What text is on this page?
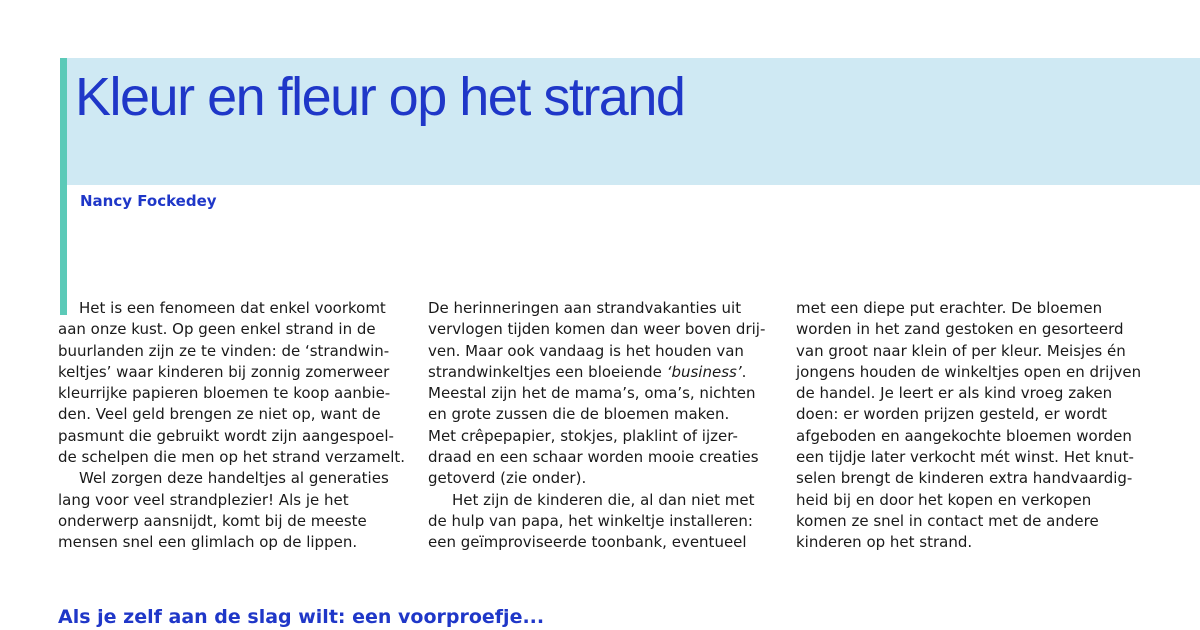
Kleur en fleur op het strand
Nancy Fockedey

Het is een fenomeen dat enkel voorkomt
aan onze kust. Op geen enkel strand in de
buurlanden zijn ze te vinden: de ‘strandwin-
keltjes’ waar kinderen bij zonnig zomerweer
kleurrijke papieren bloemen te koop aanbie-
den. Veel geld brengen ze niet op, want de
pasmunt die gebruikt wordt zijn aangespoel-
de schelpen die men op het strand verzamelt.

Wel zorgen deze handeltjes al generaties
lang voor veel strandplezier! Als je het
onderwerp aansnijdt, komt bij de meeste
mensen snel een glimlach op de lippen.

De herinneringen aan strandvakanties uit
vervlogen tijden komen dan weer boven drij-
ven. Maar ook vandaag is het houden van
strandwinkeltjes een bloeiende ‘business’.
Meestal zijn het de mama’s, oma’s, nichten
en grote zussen die de bloemen maken.
Met crêpepapier, stokjes, plaklint of ijzer-
draad en een schaar worden mooie creaties
getoverd (zie onder).

Het zijn de kinderen die, al dan niet met
de hulp van papa, het winkeltje installeren:
een geïmproviseerde toonbank, eventueel

met een diepe put erachter. De bloemen
worden in het zand gestoken en gesorteerd
van groot naar klein of per kleur. Meisjes én
jongens houden de winkeltjes open en drijven
de handel. Je leert er als kind vroeg zaken
doen: er worden prijzen gesteld, er wordt
afgeboden en aangekochte bloemen worden
een tijdje later verkocht mét winst. Het knut-
selen brengt de kinderen extra handvaardig-
heid bij en door het kopen en verkopen
komen ze snel in contact met de andere
kinderen op het strand.

Als je zelf aan de slag wilt: een voorproefje...
